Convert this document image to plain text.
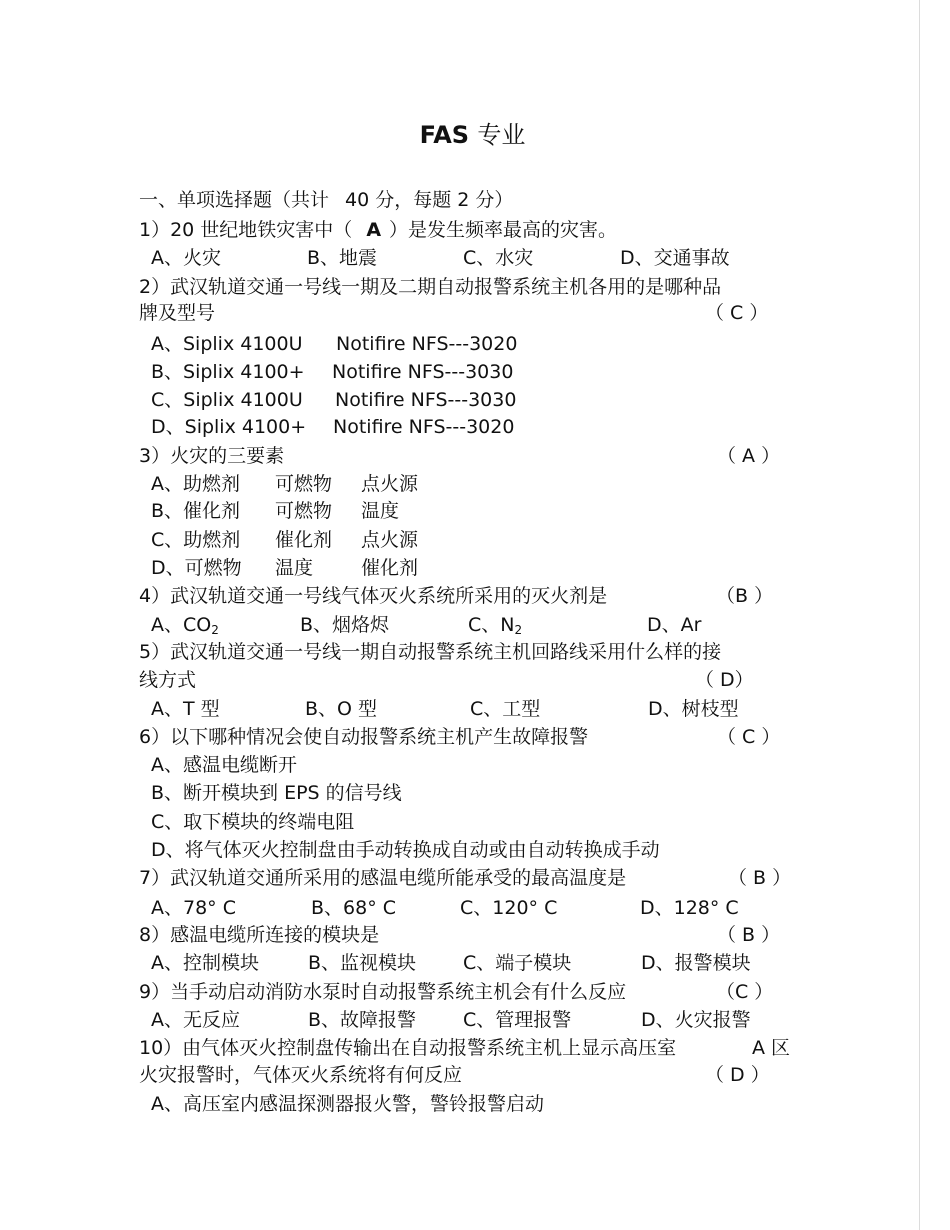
FAS 专业
一、单项选择题（共计 40 分，每题 2 分）
1）20 世纪地铁灾害中（ A ）是发生频率最高的灾害。
A、火灾	B、地震	C、水灾	D、交通事故
2）武汉轨道交通一号线一期及二期自动报警系统主机各用的是哪种品
牌及型号	（ C ）
A、Siplix 4100U Notifire NFS---3020
B、Siplix 4100+ Notifire NFS---3030
C、Siplix 4100U Notifire NFS---3030
D、Siplix 4100+ Notifire NFS---3020
3）火灾的三要素	（ A ）
A、助燃剂 可燃物 点火源
B、催化剂 可燃物 温度
C、助燃剂 催化剂 点火源
D、可燃物 温度	催化剂
4）武汉轨道交通一号线气体灭火系统所采用的灭火剂是	（B ）
A、$CO_2$	B、烟烙烬	C、$N_2$	D、Ar
5）武汉轨道交通一号线一期自动报警系统主机回路线采用什么样的接
线方式	（ D）
A、T 型	B、O 型	C、工型	D、树枝型
6）以下哪种情况会使自动报警系统主机产生故障报警	（ C ）
A、感温电缆断开
B、断开模块到 EPS 的信号线
C、取下模块的终端电阻
D、将气体灭火控制盘由手动转换成自动或由自动转换成手动
7）武汉轨道交通所采用的感温电缆所能承受的最高温度是	（ B ）
A、78° C	B、68° C	C、120° C	D、128° C
8）感温电缆所连接的模块是	（ B ）
A、控制模块	B、监视模块 C、端子模块	D、报警模块
9）当手动启动消防水泵时自动报警系统主机会有什么反应	（C ）
A、无反应	B、故障报警 C、管理报警	D、火灾报警
10）由气体灭火控制盘传输出在自动报警系统主机上显示高压室	A 区
火灾报警时，气体灭火系统将有何反应	（ D ）
A、高压室内感温探测器报火警，警铃报警启动
